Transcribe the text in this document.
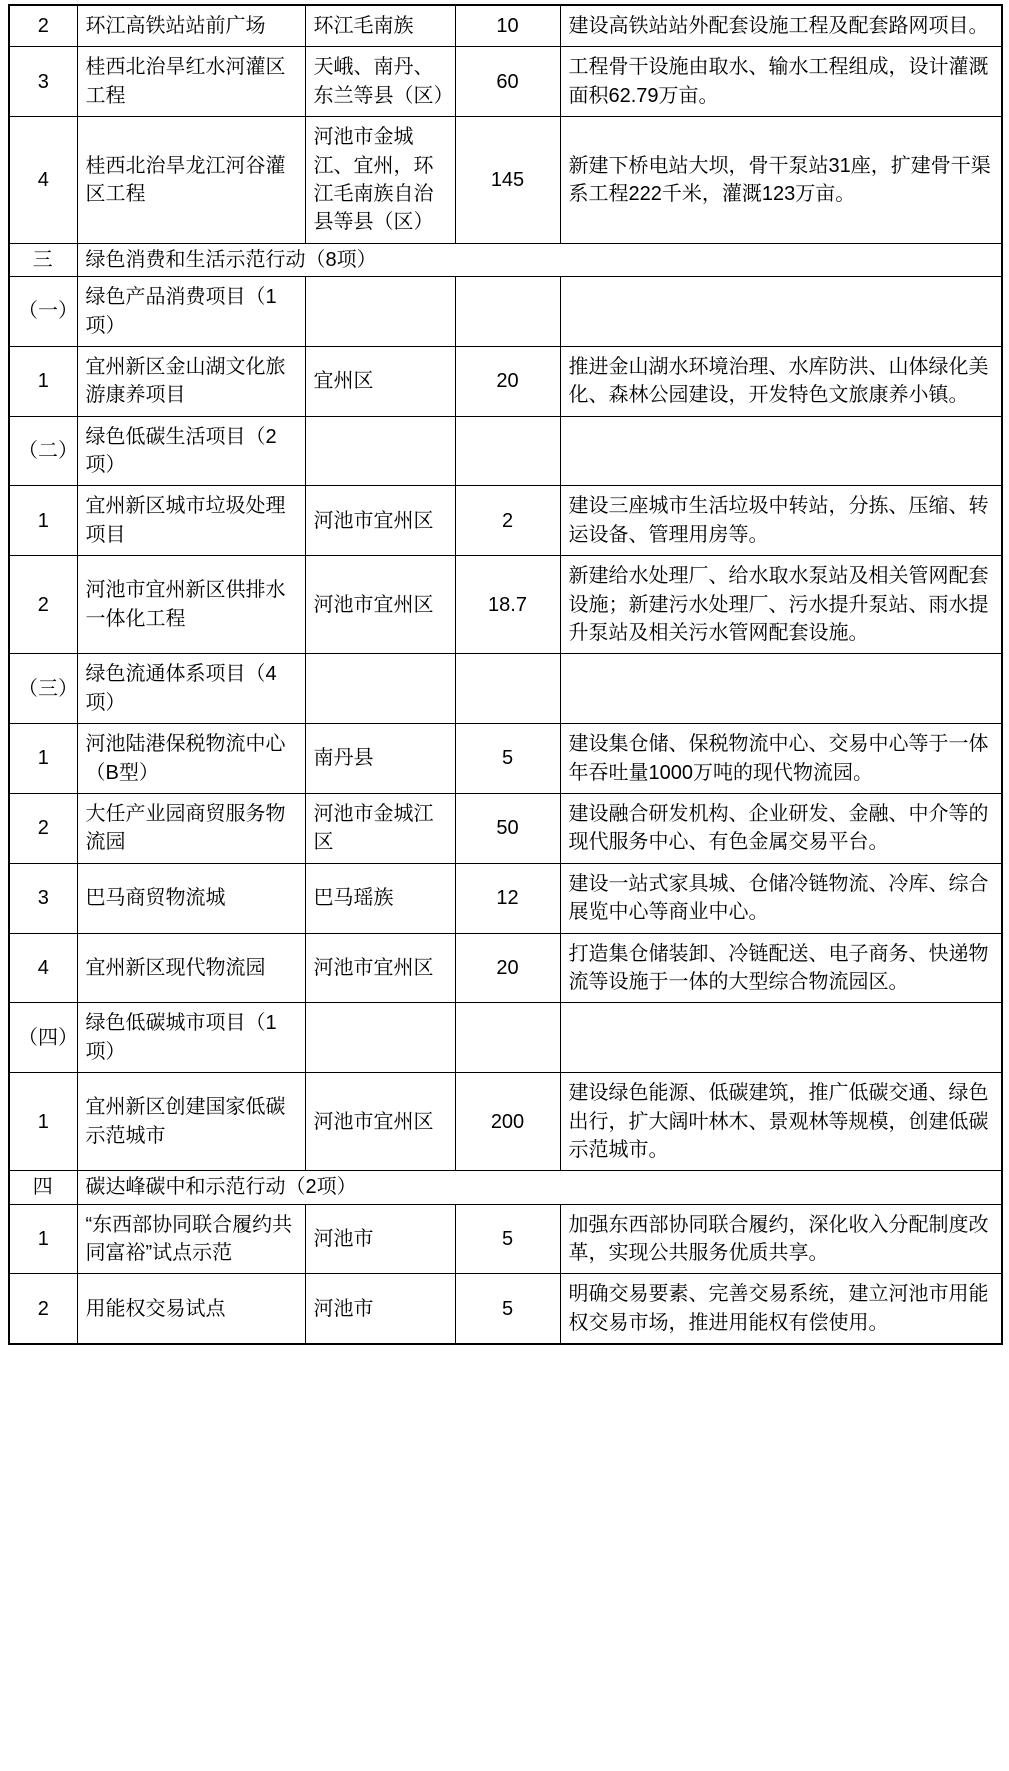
2	环江高铁站站前广场	环江毛南族	10	建设高铁站站外配套设施工程及配套路网项目。
3	桂西北治旱红水河灌区工程	天峨、南丹、东兰等县（区）	60	工程骨干设施由取水、输水工程组成，设计灌溉面积62.79万亩。
4	桂西北治旱龙江河谷灌区工程	河池市金城江、宜州，环江毛南族自治县等县（区）	145	新建下桥电站大坝，骨干泵站31座，扩建骨干渠系工程222千米，灌溉123万亩。
三	绿色消费和生活示范行动（8项）			
（一）	绿色产品消费项目（1项）			
1	宜州新区金山湖文化旅游康养项目	宜州区	20	推进金山湖水环境治理、水库防洪、山体绿化美化、森林公园建设，开发特色文旅康养小镇。
（二）	绿色低碳生活项目（2项）			
1	宜州新区城市垃圾处理项目	河池市宜州区	2	建设三座城市生活垃圾中转站，分拣、压缩、转运设备、管理用房等。
2	河池市宜州新区供排水一体化工程	河池市宜州区	18.7	新建给水处理厂、给水取水泵站及相关管网配套设施；新建污水处理厂、污水提升泵站、雨水提升泵站及相关污水管网配套设施。
（三）	绿色流通体系项目（4项）			
1	河池陆港保税物流中心（B型）	南丹县	5	建设集仓储、保税物流中心、交易中心等于一体年吞吐量1000万吨的现代物流园。
2	大任产业园商贸服务物流园	河池市金城江区	50	建设融合研发机构、企业研发、金融、中介等的现代服务中心、有色金属交易平台。
3	巴马商贸物流城	巴马瑶族	12	建设一站式家具城、仓储冷链物流、冷库、综合展览中心等商业中心。
4	宜州新区现代物流园	河池市宜州区	20	打造集仓储装卸、冷链配送、电子商务、快递物流等设施于一体的大型综合物流园区。
（四）	绿色低碳城市项目（1项）			
1	宜州新区创建国家低碳示范城市	河池市宜州区	200	建设绿色能源、低碳建筑，推广低碳交通、绿色出行，扩大阔叶林木、景观林等规模，创建低碳示范城市。
四	碳达峰碳中和示范行动（2项）			
1	“东西部协同联合履约共同富裕”试点示范	河池市	5	加强东西部协同联合履约，深化收入分配制度改革，实现公共服务优质共享。
2	用能权交易试点	河池市	5	明确交易要素、完善交易系统，建立河池市用能权交易市场，推进用能权有偿使用。
